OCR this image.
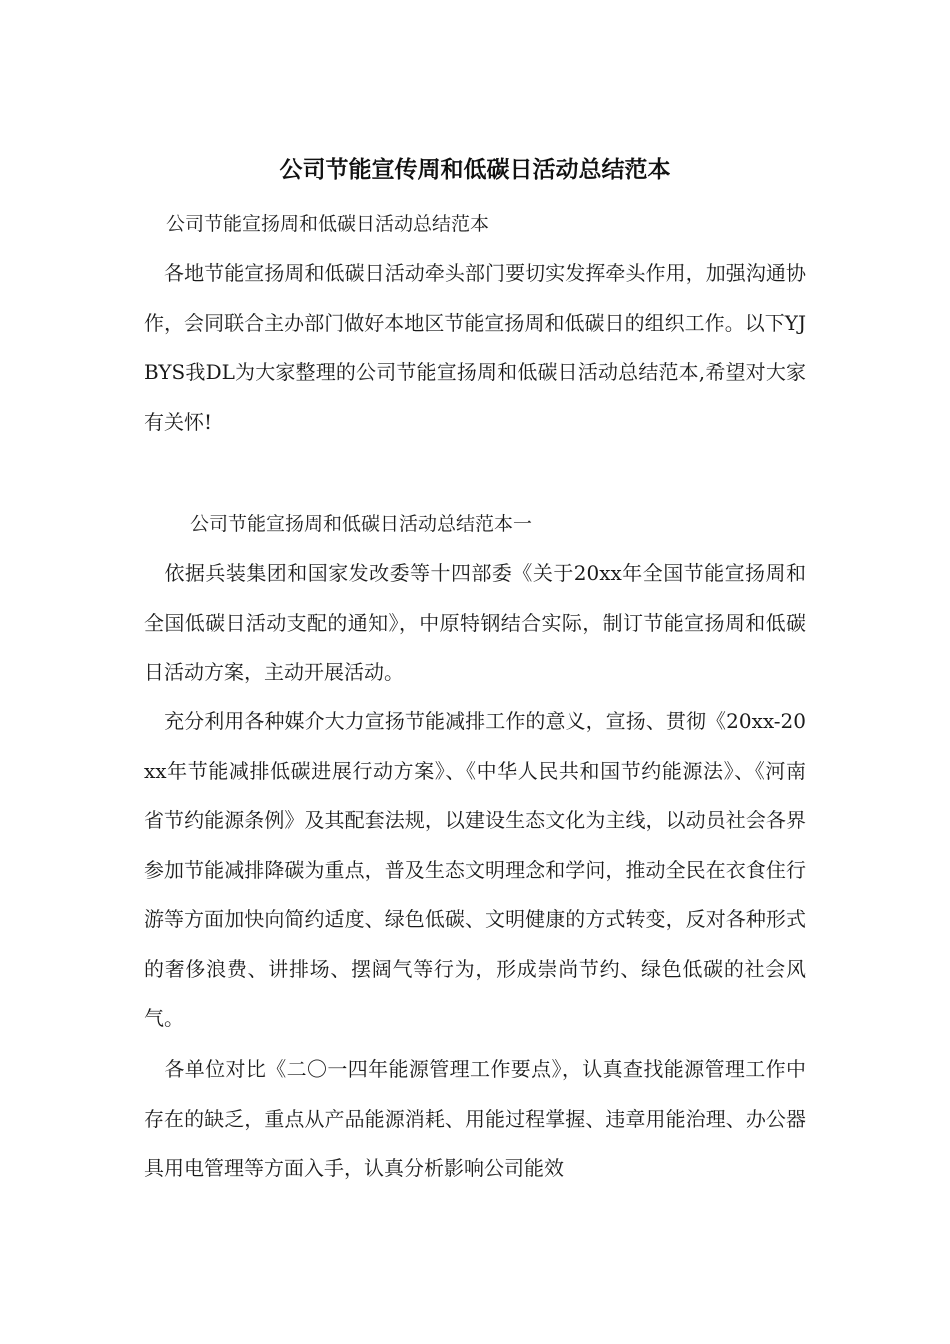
公司节能宣传周和低碳日活动总结范本

公司节能宣扬周和低碳日活动总结范本

　各地节能宣扬周和低碳日活动牵头部门要切实发挥牵头作用，加强沟通协作，会同联合主办部门做好本地区节能宣扬周和低碳日的组织工作。以下YJBYS我DL为大家整理的公司节能宣扬周和低碳日活动总结范本,希望对大家有关怀!

公司节能宣扬周和低碳日活动总结范本一

　依据兵装集团和国家发改委等十四部委《关于20xx年全国节能宣扬周和全国低碳日活动支配的通知》，中原特钢结合实际，制订节能宣扬周和低碳日活动方案，主动开展活动。

　充分利用各种媒介大力宣扬节能减排工作的意义，宣扬、贯彻《20xx-20xx年节能减排低碳进展行动方案》、《中华人民共和国节约能源法》、《河南省节约能源条例》及其配套法规，以建设生态文化为主线，以动员社会各界参加节能减排降碳为重点，普及生态文明理念和学问，推动全民在衣食住行游等方面加快向简约适度、绿色低碳、文明健康的方式转变，反对各种形式的奢侈浪费、讲排场、摆阔气等行为，形成崇尚节约、绿色低碳的社会风气。

　各单位对比《二〇一四年能源管理工作要点》，认真查找能源管理工作中存在的缺乏，重点从产品能源消耗、用能过程掌握、违章用能治理、办公器具用电管理等方面入手，认真分析影响公司能效
